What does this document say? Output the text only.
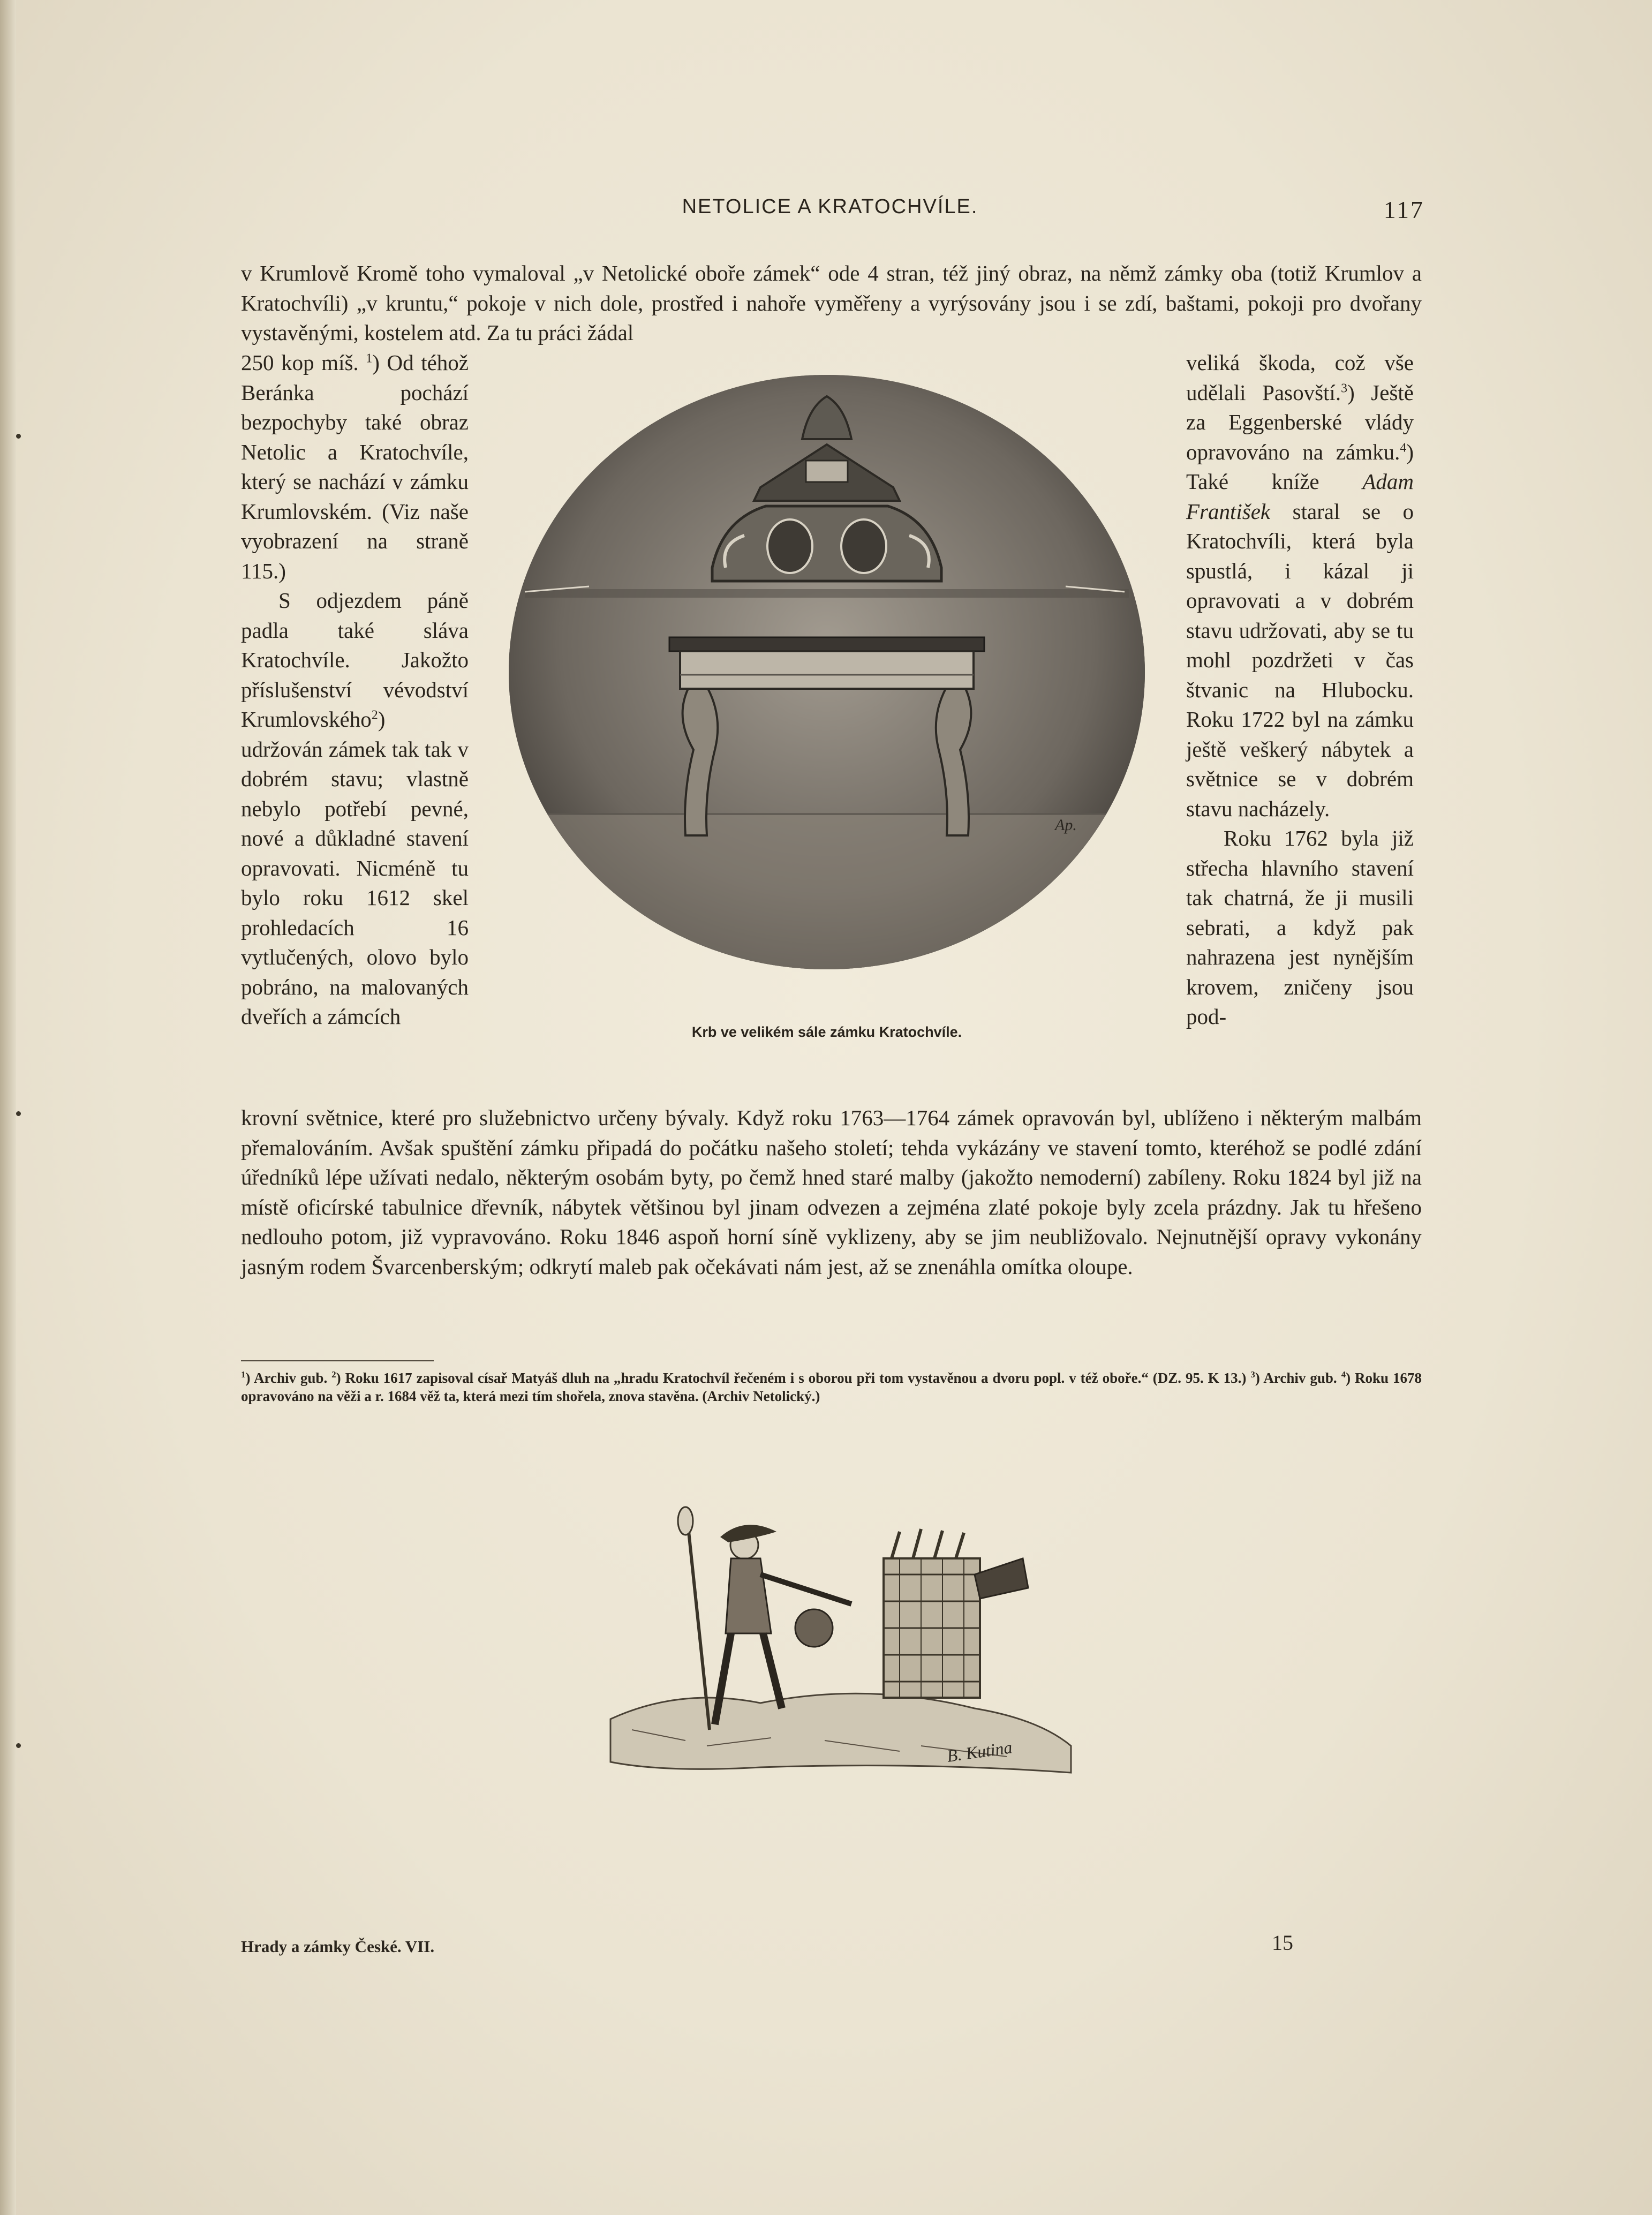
NETOLICE A KRATOCHVÍLE.	117
v Krumlově Kromě toho vymaloval „v Netolické oboře zámek“ ode 4 stran, též jiný obraz, na němž zámky oba (totiž Krumlov a Kratochvíli) „v kruntu,“ pokoje v nich dole, prostřed i nahoře vyměřeny a vyrýsovány jsou i se zdí, baštami, pokoji pro dvořany vystavěnými, kostelem atd. Za tu práci žádal
250 kop míš. $^1$) Od téhož Beránka pochází bezpochyby také obraz Netolic a Kratochvíle, který se nachází v zámku Krumlovském. (Viz naše vyobrazení na straně 115.)
S odjezdem páně padla také sláva Kratochvíle. Jakožto příslušenství vévodství Krumlovského$^2$) udržován zámek tak tak v dobrém stavu; vlastně nebylo potřebí pevné, nové a důkladné stavení opravovati. Nicméně tu bylo roku 1612 skel prohledacích 16 vytlučených, olovo bylo pobráno, na malovaných dveřích a zámcích
veliká škoda, což vše udělali Pasovští.$^3$) Ještě za Eggenberské vlády opravováno na zámku.$^4$) Také kníže Adam František staral se o Kratochvíli, která byla spustlá, i kázal ji opravovati a v dobrém stavu udržovati, aby se tu mohl pozdržeti v čas štvanic na Hlubocku. Roku 1722 byl na zámku ještě veškerý nábytek a světnice se v dobrém stavu nacházely.
Roku 1762 byla již střecha hlavního stavení tak chatrná, že ji musili sebrati, a když pak nahrazena jest nynějším krovem, zničeny jsou pod-
Ap.
Krb ve velikém sále zámku Kratochvíle.
krovní světnice, které pro služebnictvo určeny bývaly. Když roku 1763—1764 zámek opravován byl, ublíženo i některým malbám přemalováním. Avšak spuštění zámku připadá do počátku našeho století; tehda vykázány ve stavení tomto, kteréhož se podlé zdání úředníků lépe užívati nedalo, některým osobám byty, po čemž hned staré malby (jakožto nemoderní) zabíleny. Roku 1824 byl již na místě oficírské tabulnice dřevník, nábytek většinou byl jinam odvezen a zejména zlaté pokoje byly zcela prázdny. Jak tu hřešeno nedlouho potom, již vypravováno. Roku 1846 aspoň horní síně vyklizeny, aby se jim neubližovalo. Nejnutnější opravy vykonány jasným rodem Švarcenberským; odkrytí maleb pak očekávati nám jest, až se znenáhla omítka oloupe.
$^1$) Archiv gub. $^2$) Roku 1617 zapisoval císař Matyáš dluh na „hradu Kratochvíl řečeném i s oborou při tom vystavěnou a dvoru popl. v též oboře.“ (DZ. 95. K 13.) $^3$) Archiv gub. $^4$) Roku 1678 opravováno na věži a r. 1684 věž ta, která mezi tím shořela, znova stavěna. (Archiv Netolický.)
B. Kutina
Hrady a zámky České. VII.	15
